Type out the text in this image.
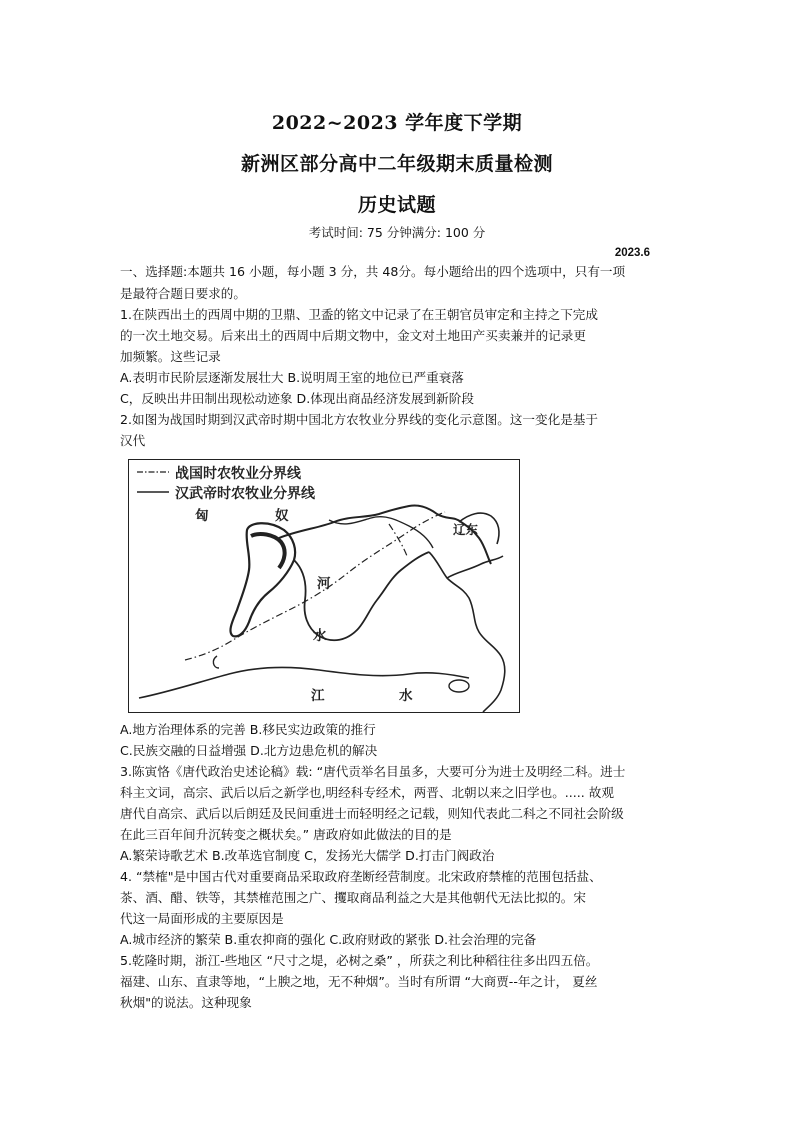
2022~2023 学年度下学期
新洲区部分高中二年级期末质量检测
历史试题
考试时间: 75 分钟满分: 100 分
2023.6
一、选择题:本题共 16 小题，每小题 3 分，共 48分。每小题给出的四个选项中，只有一项
是最符合题日要求的。
1.在陕西出土的西周中期的卫鼎、卫盉的铭文中记录了在王朝官员审定和主持之下完成
的一次土地交易。后来出土的西周中后期文物中，金文对土地田产买卖兼并的记录更
加频繁。这些记录
A.表明市民阶层逐渐发展壮大 B.说明周王室的地位已严重衰落
C，反映出井田制出现松动迹象 D.体现出商品经济发展到新阶段
2.如图为战国时期到汉武帝时期中国北方农牧业分界线的变化示意图。这一变化是基于
汉代
战国时农牧业分界线
汉武帝时农牧业分界线
匈	奴
辽东
河
水
江	水
A.地方治理体系的完善 B.移民实边政策的推行
C.民族交融的日益增强 D.北方边患危机的解决
3.陈寅恪《唐代政治史述论稿》载: “唐代贡举名目虽多，大要可分为进士及明经二科。进士
科主文词，高宗、武后以后之新学也,明经科专经术，两晋、北朝以来之旧学也。..... 故观
唐代自高宗、武后以后朗廷及民间重进士而轻明经之记载，则知代表此二科之不同社会阶级
在此三百年间升沉转变之概状矣。” 唐政府如此做法的目的是
A.繁荣诗歌艺术 B.改革选官制度 C，发扬光大儒学 D.打击门阀政治
4. “禁榷"是中国古代对重要商品采取政府垄断经营制度。北宋政府禁榷的范围包括盐、
茶、酒、醋、铁等，其禁榷范围之广、攫取商品利益之大是其他朝代无法比拟的。宋
代这一局面形成的主要原因是
A.城市经济的繁荣 B.重农抑商的强化 C.政府财政的紧张 D.社会治理的完备
5.乾隆时期，浙江-些地区 “尺寸之堤，必树之桑” ，所获之利比种稻往往多出四五倍。
福建、山东、直隶等地，“上腴之地，无不种烟”。当时有所谓 “大商贾--年之计， 夏丝
秋烟"的说法。这种现象
